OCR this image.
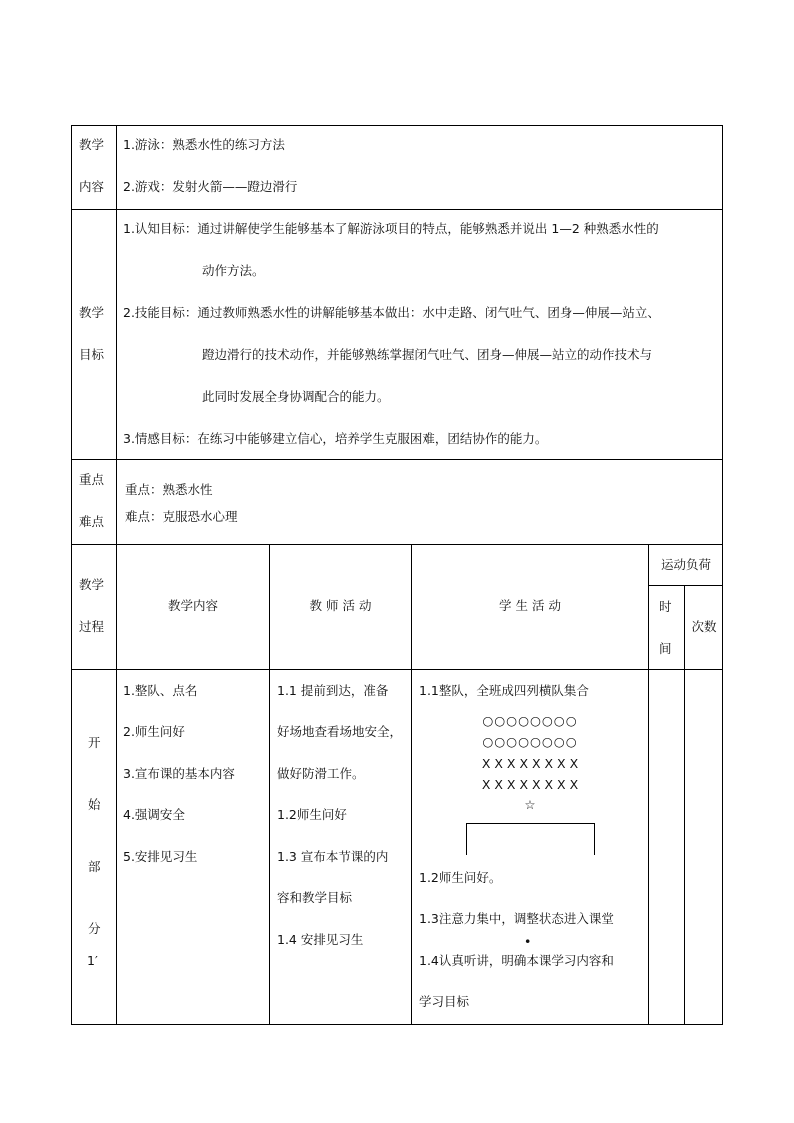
教学
内容
1.游泳：熟悉水性的练习方法
2.游戏：发射火箭——蹬边滑行
教学
目标
1.认知目标：通过讲解使学生能够基本了解游泳项目的特点，能够熟悉并说出 1—2 种熟悉水性的
动作方法。
2.技能目标：通过教师熟悉水性的讲解能够基本做出：水中走路、闭气吐气、团身—伸展—站立、
蹬边滑行的技术动作，并能够熟练掌握闭气吐气、团身—伸展—站立的动作技术与
此同时发展全身协调配合的能力。
3.情感目标：在练习中能够建立信心，培养学生克服困难，团结协作的能力。
重点
难点
重点：熟悉水性
难点：克服恐水心理
教学
过程
教学内容	教 师 活 动	学 生 活 动
运动负荷
时
间
次数
开
始
部
分
1′
1.整队、点名
2.师生问好
3.宣布课的基本内容
4.强调安全
5.安排见习生
1.1 提前到达，准备
好场地查看场地安全，
做好防滑工作。
1.2师生问好
1.3 宣布本节课的内
容和教学目标
1.4 安排见习生
1.1整队，全班成四列横队集合
○○○○○○○○
○○○○○○○○
X X X X X X X X
X X X X X X X X
☆
1.2师生问好。
1.3注意力集中，调整状态进入课堂
•
1.4认真听讲，明确本课学习内容和
学习目标
